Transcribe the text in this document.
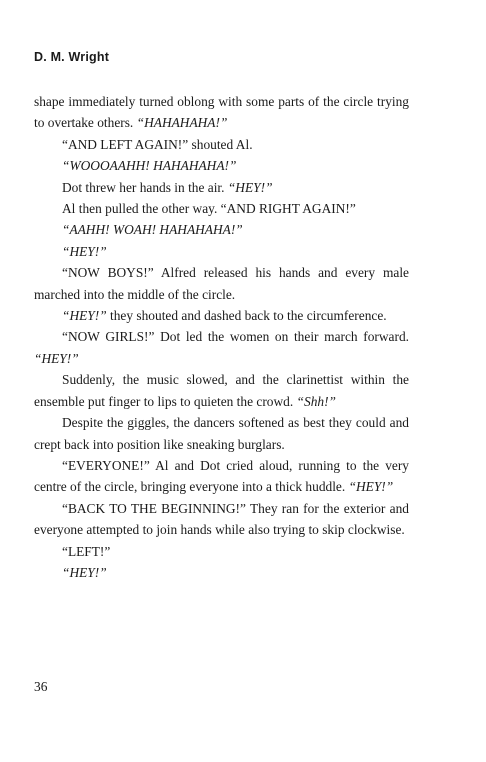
D. M. Wright

shape immediately turned oblong with some parts of the circle trying to overtake others. “HAHAHAHA!”

“AND LEFT AGAIN!” shouted Al.

“WOOOAAHH! HAHAHAHA!”

Dot threw her hands in the air. “HEY!”

Al then pulled the other way. “AND RIGHT AGAIN!”

“AAHH! WOAH! HAHAHAHA!”

“HEY!”

“NOW BOYS!” Alfred released his hands and every male marched into the middle of the circle.

“HEY!” they shouted and dashed back to the circumference.

“NOW GIRLS!” Dot led the women on their march forward. “HEY!”

Suddenly, the music slowed, and the clarinettist within the ensemble put finger to lips to quieten the crowd. “Shh!”

Despite the giggles, the dancers softened as best they could and crept back into position like sneaking burglars.

“EVERYONE!” Al and Dot cried aloud, running to the very centre of the circle, bringing everyone into a thick huddle. “HEY!”

“BACK TO THE BEGINNING!” They ran for the exterior and everyone attempted to join hands while also trying to skip clockwise.

“LEFT!”

“HEY!”

36
